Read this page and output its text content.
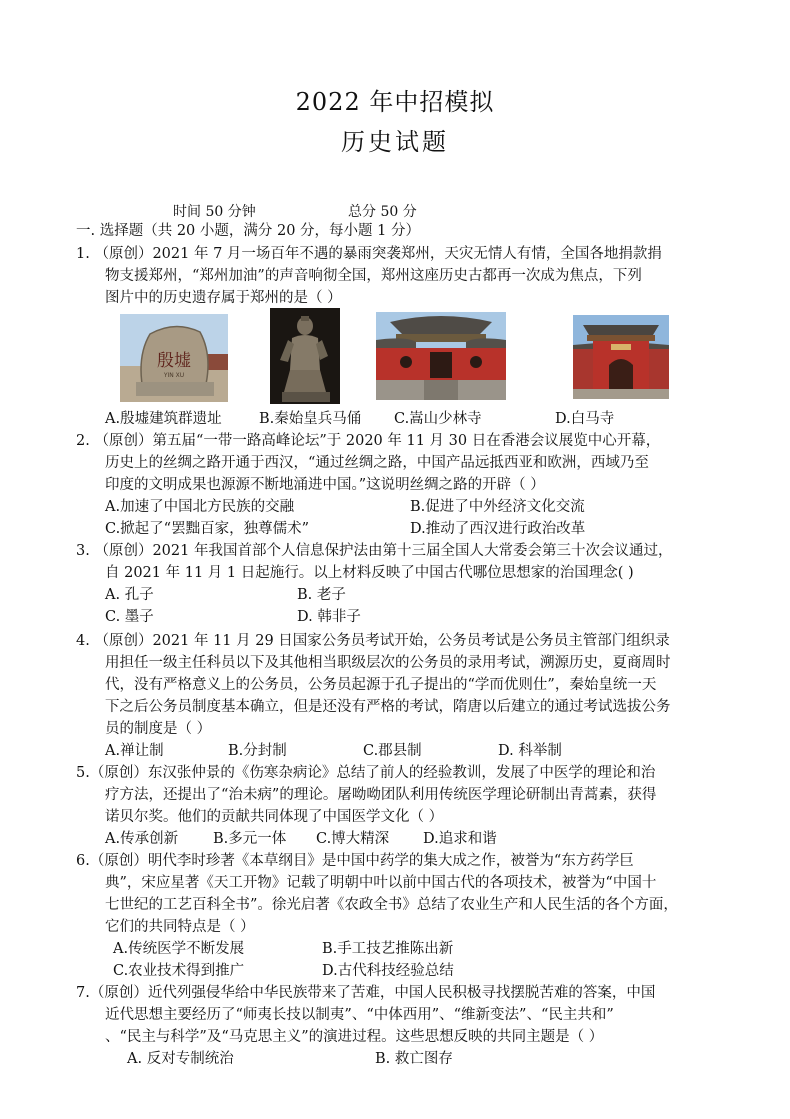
2022 年中招模拟
历史试题
时间 50 分钟	总分 50 分
一. 选择题（共 20 小题，满分 20 分，每小题 1 分）
1. （原创）2021 年 7 月一场百年不遇的暴雨突袭郑州，天灾无情人有情，全国各地捐款捐
物支援郑州，“郑州加油”的声音响彻全国，郑州这座历史古都再一次成为焦点，下列
图片中的历史遗存属于郑州的是（ ）
殷墟
YIN XU
A.殷墟建筑群遗址	B.秦始皇兵马俑 C.嵩山少林寺	D.白马寺
2. （原创）第五届“一带一路高峰论坛”于 2020 年 11 月 30 日在香港会议展览中心开幕，
历史上的丝绸之路开通于西汉，“通过丝绸之路，中国产品远抵西亚和欧洲，西域乃至
印度的文明成果也源源不断地涌进中国。”这说明丝绸之路的开辟（ ）
A.加速了中国北方民族的交融	B.促进了中外经济文化交流
C.掀起了“罢黜百家，独尊儒术”	D.推动了西汉进行政治改革
3. （原创）2021 年我国首部个人信息保护法由第十三届全国人大常委会第三十次会议通过，
自 2021 年 11 月 1 日起施行。以上材料反映了中国古代哪位思想家的治国理念( )
A. 孔子	B. 老子
C. 墨子	D. 韩非子
4. （原创）2021 年 11 月 29 日国家公务员考试开始，公务员考试是公务员主管部门组织录
用担任一级主任科员以下及其他相当职级层次的公务员的录用考试，溯源历史，夏商周时
代，没有严格意义上的公务员，公务员起源于孔子提出的“学而优则仕”，秦始皇统一天
下之后公务员制度基本确立，但是还没有严格的考试，隋唐以后建立的通过考试选拔公务
员的制度是（ ）
A.禅让制	B.分封制	C.郡县制	D. 科举制
5.（原创）东汉张仲景的《伤寒杂病论》总结了前人的经验教训，发展了中医学的理论和治
疗方法，还提出了“治未病”的理论。屠呦呦团队利用传统医学理论研制出青蒿素，获得
诺贝尔奖。他们的贡献共同体现了中国医学文化（ ）
A.传承创新 B.多元一体 C.博大精深 D.追求和谐
6.（原创）明代李时珍著《本草纲目》是中国中药学的集大成之作，被誉为“东方药学巨
典”，宋应星著《天工开物》记载了明朝中叶以前中国古代的各项技术，被誉为“中国十
七世纪的工艺百科全书”。徐光启著《农政全书》总结了农业生产和人民生活的各个方面，
它们的共同特点是（ ）
A.传统医学不断发展	B.手工技艺推陈出新
C.农业技术得到推广	D.古代科技经验总结
7.（原创）近代列强侵华给中华民族带来了苦难，中国人民积极寻找摆脱苦难的答案，中国
近代思想主要经历了“师夷长技以制夷”、“中体西用”、“维新变法”、“民主共和”
、“民主与科学”及“马克思主义”的演进过程。这些思想反映的共同主题是（ ）
A. 反对专制统治	B. 救亡图存
